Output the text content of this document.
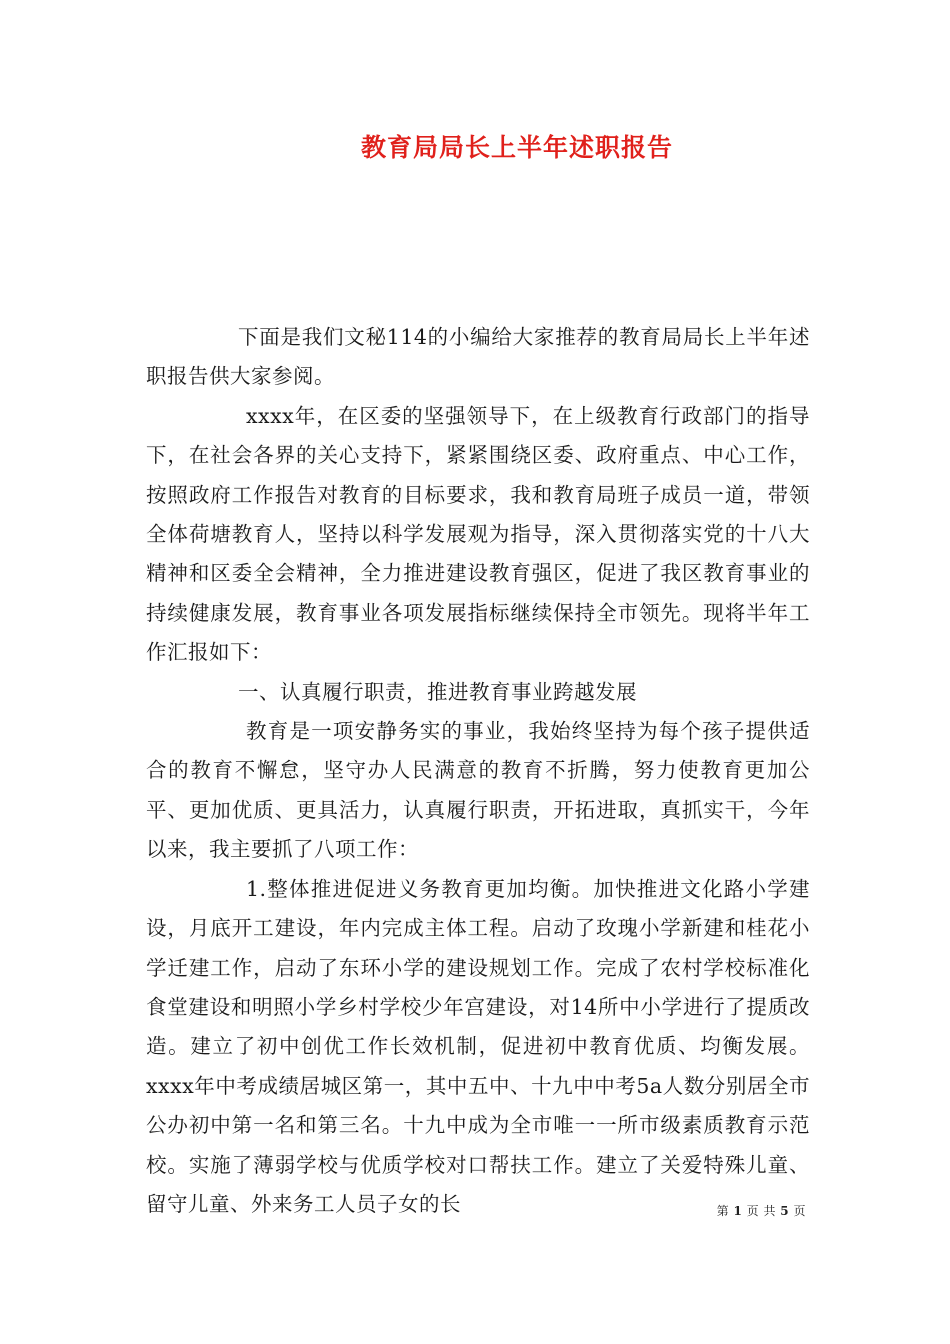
教育局局长上半年述职报告

下面是我们文秘114的小编给大家推荐的教育局局长上半年述职报告供大家参阅。

xxxx年，在区委的坚强领导下，在上级教育行政部门的指导下，在社会各界的关心支持下，紧紧围绕区委、政府重点、中心工作，按照政府工作报告对教育的目标要求，我和教育局班子成员一道，带领全体荷塘教育人，坚持以科学发展观为指导，深入贯彻落实党的十八大精神和区委全会精神，全力推进建设教育强区，促进了我区教育事业的持续健康发展，教育事业各项发展指标继续保持全市领先。现将半年工作汇报如下：

一、认真履行职责，推进教育事业跨越发展

教育是一项安静务实的事业，我始终坚持为每个孩子提供适合的教育不懈怠，坚守办人民满意的教育不折腾，努力使教育更加公平、更加优质、更具活力，认真履行职责，开拓进取，真抓实干，今年以来，我主要抓了八项工作：

1.整体推进促进义务教育更加均衡。加快推进文化路小学建设，月底开工建设，年内完成主体工程。启动了玫瑰小学新建和桂花小学迁建工作，启动了东环小学的建设规划工作。完成了农村学校标准化食堂建设和明照小学乡村学校少年宫建设，对14所中小学进行了提质改造。建立了初中创优工作长效机制，促进初中教育优质、均衡发展。xxxx年中考成绩居城区第一，其中五中、十九中中考5a人数分别居全市公办初中第一名和第三名。十九中成为全市唯一一所市级素质教育示范校。实施了薄弱学校与优质学校对口帮扶工作。建立了关爱特殊儿童、留守儿童、外来务工人员子女的长	第 1 页 共 5 页
